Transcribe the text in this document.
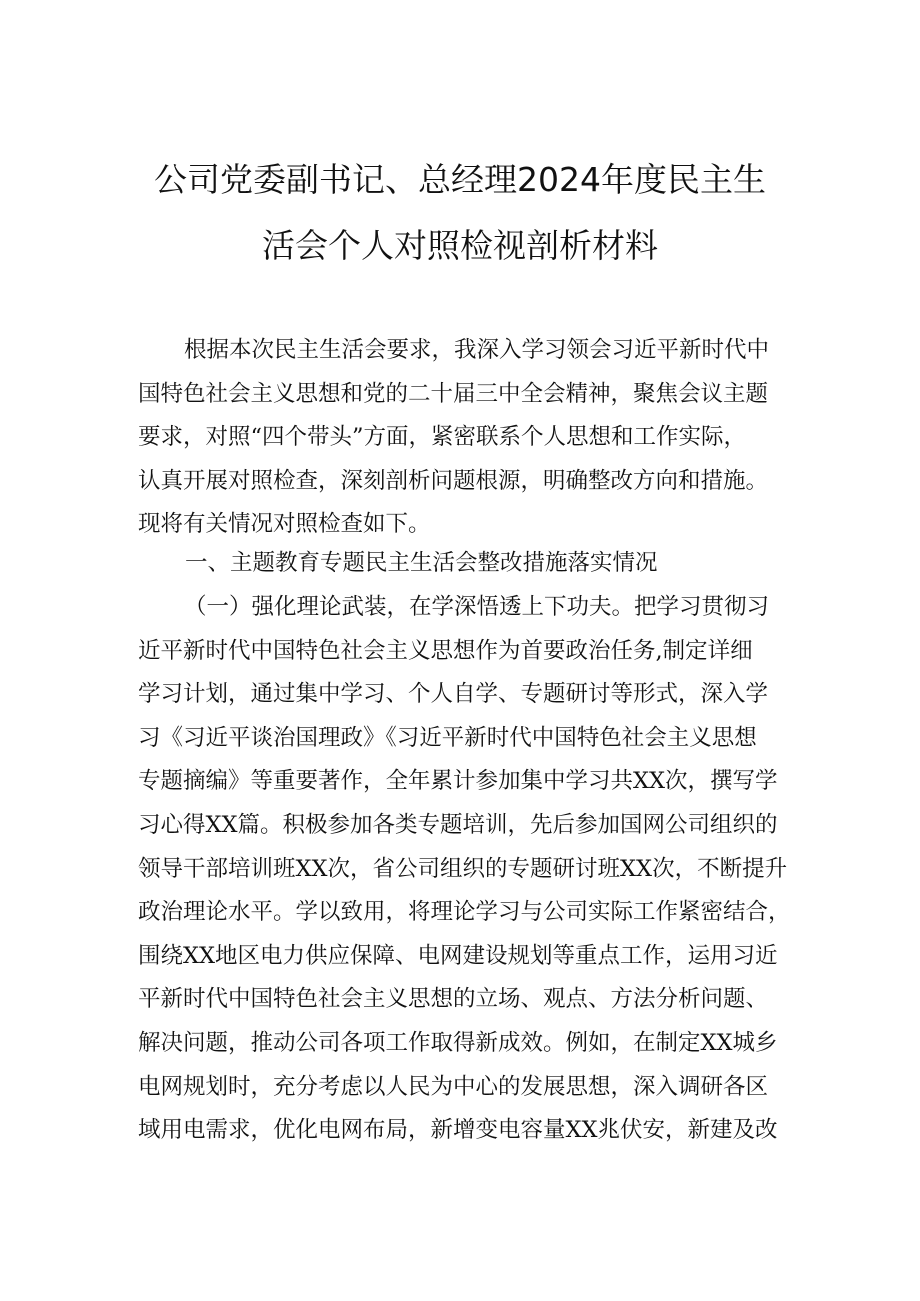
公司党委副书记、总经理2024年度民主生
活会个人对照检视剖析材料
根据本次民主生活会要求，我深入学习领会习近平新时代中
国特色社会主义思想和党的二十届三中全会精神，聚焦会议主题
要求，对照“四个带头”方面，紧密联系个人思想和工作实际，
认真开展对照检查，深刻剖析问题根源，明确整改方向和措施。
现将有关情况对照检查如下。
一、主题教育专题民主生活会整改措施落实情况
（一）强化理论武装，在学深悟透上下功夫。把学习贯彻习
近平新时代中国特色社会主义思想作为首要政治任务,制定详细
学习计划，通过集中学习、个人自学、专题研讨等形式，深入学
习《习近平谈治国理政》《习近平新时代中国特色社会主义思想
专题摘编》等重要著作，全年累计参加集中学习共XX次，撰写学
习心得XX篇。积极参加各类专题培训，先后参加国网公司组织的
领导干部培训班XX次，省公司组织的专题研讨班XX次，不断提升
政治理论水平。学以致用，将理论学习与公司实际工作紧密结合，
围绕XX地区电力供应保障、电网建设规划等重点工作，运用习近
平新时代中国特色社会主义思想的立场、观点、方法分析问题、
解决问题，推动公司各项工作取得新成效。例如，在制定XX城乡
电网规划时，充分考虑以人民为中心的发展思想，深入调研各区
域用电需求，优化电网布局，新增变电容量XX兆伏安，新建及改
